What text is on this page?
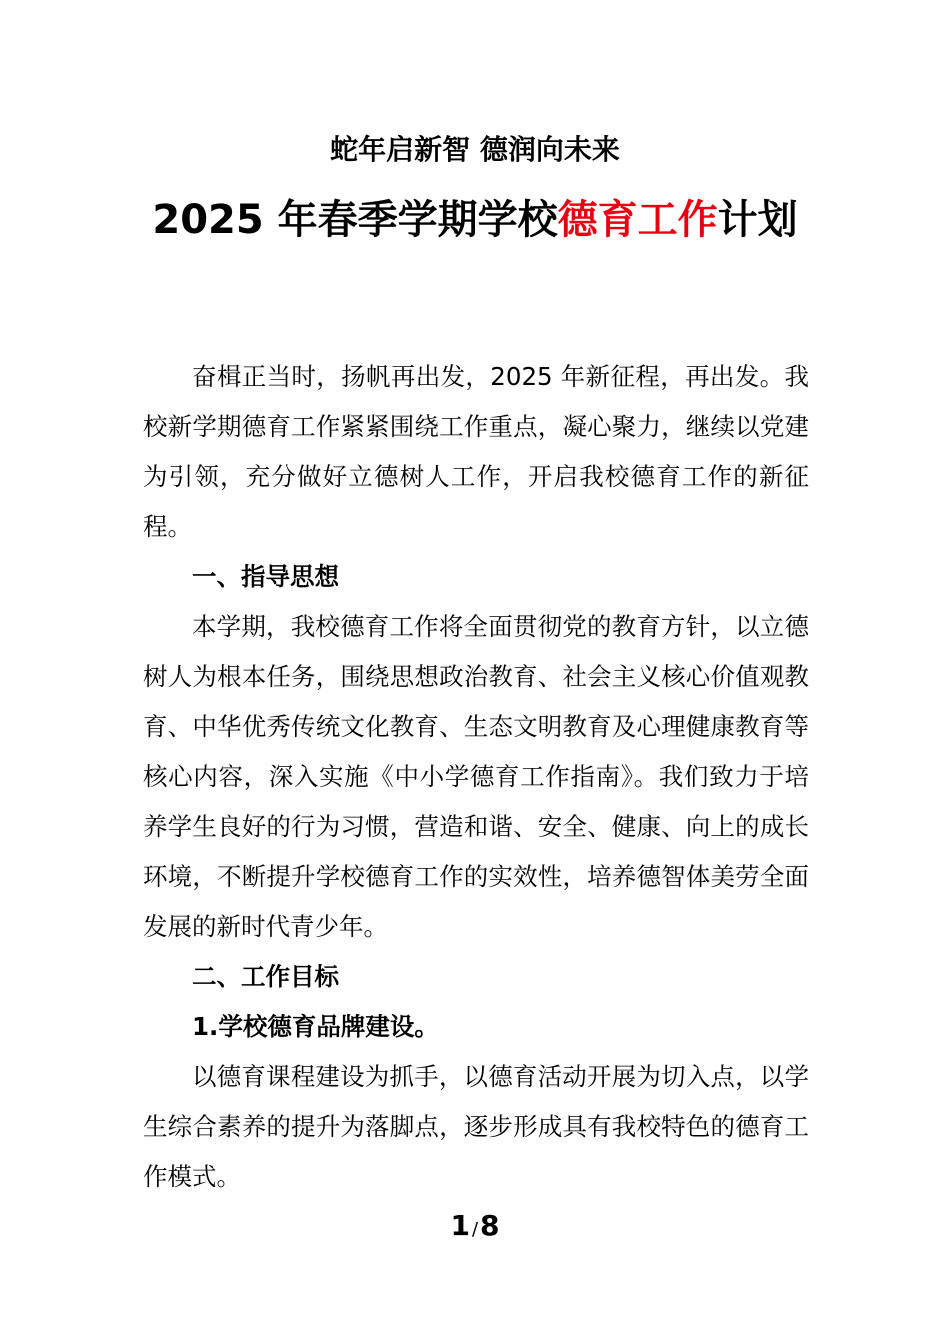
蛇年启新智 德润向未来
2025 年春季学期学校德育工作计划

奋楫正当时，扬帆再出发，2025 年新征程，再出发。我校新学期德育工作紧紧围绕工作重点，凝心聚力，继续以党建为引领，充分做好立德树人工作，开启我校德育工作的新征程。

一、指导思想

本学期，我校德育工作将全面贯彻党的教育方针，以立德树人为根本任务，围绕思想政治教育、社会主义核心价值观教育、中华优秀传统文化教育、生态文明教育及心理健康教育等核心内容，深入实施《中小学德育工作指南》。我们致力于培养学生良好的行为习惯，营造和谐、安全、健康、向上的成长环境，不断提升学校德育工作的实效性，培养德智体美劳全面发展的新时代青少年。

二、工作目标

1.学校德育品牌建设。

以德育课程建设为抓手，以德育活动开展为切入点，以学生综合素养的提升为落脚点，逐步形成具有我校特色的德育工作模式。

1 /8
